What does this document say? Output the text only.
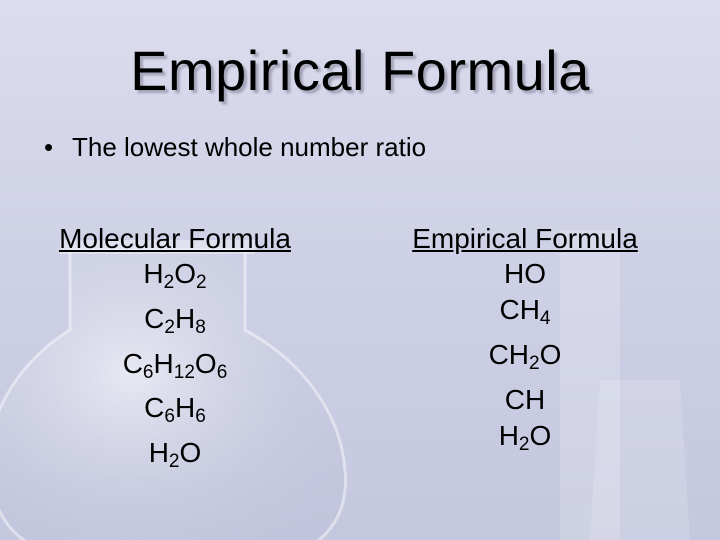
Empirical Formula
• The lowest whole number ratio
Molecular Formula
$H_2O_2$
$C_2H_8$
$C_6H_{12}O_6$
$C_6H_6$
$H_2O$
Empirical Formula
HO
$CH_4$
$CH_2O$
CH
$H_2O$
